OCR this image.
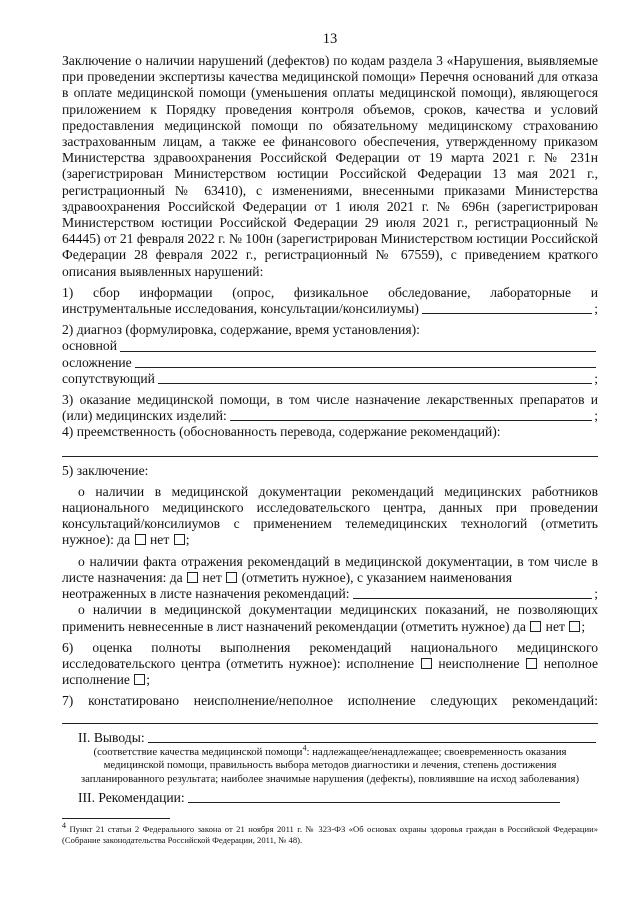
13

Заключение о наличии нарушений (дефектов) по кодам раздела 3 «Нарушения, выявляемые при проведении экспертизы качества медицинской помощи» Перечня оснований для отказа в оплате медицинской помощи (уменьшения оплаты медицинской помощи), являющегося приложением к Порядку проведения контроля объемов, сроков, качества и условий предоставления медицинской помощи по обязательному медицинскому страхованию застрахованным лицам, а также ее финансового обеспечения, утвержденному приказом Министерства здравоохранения Российской Федерации от 19 марта 2021 г. № 231н (зарегистрирован Министерством юстиции Российской Федерации 13 мая 2021 г., регистрационный № 63410), с изменениями, внесенными приказами Министерства здравоохранения Российской Федерации от 1 июля 2021 г. № 696н (зарегистрирован Министерством юстиции Российской Федерации 29 июля 2021 г., регистрационный № 64445) от 21 февраля 2022 г. № 100н (зарегистрирован Министерством юстиции Российской Федерации 28 февраля 2022 г., регистрационный № 67559), с приведением краткого описания выявленных нарушений:

1) сбор информации (опрос, физикальное обследование, лабораторные и

инструментальные исследования, консультации/консилиумы)	;
2) диагноз (формулировка, содержание, время установления):
основной
осложнение
сопутствующий	;

3) оказание медицинской помощи, в том числе назначение лекарственных препаратов и

(или) медицинских изделий:	;
4) преемственность (обоснованность перевода, содержание рекомендаций):
5) заключение:

о наличии в медицинской документации рекомендаций медицинских работников национального медицинского исследовательского центра, данных при проведении консультаций/консилиумов с применением телемедицинских технологий (отметить нужное): да нет ;

о наличии факта отражения рекомендаций в медицинской документации, в том числе в листе назначения: да нет (отметить нужное), с указанием наименования

неотраженных в листе назначения рекомендаций:	;

о наличии в медицинской документации медицинских показаний, не позволяющих применить невнесенные в лист назначений рекомендации (отметить нужное) да нет ;

6) оценка полноты выполнения рекомендаций национального медицинского исследовательского центра (отметить нужное): исполнение неисполнение неполное исполнение ;

7) констатировано неисполнение/неполное исполнение следующих рекомендаций:

II. Выводы:

(соответствие качества медицинской помощи$^4$: надлежащее/ненадлежащее; своевременность оказания медицинской помощи, правильность выбора методов диагностики и лечения, степень достижения запланированного результата; наиболее значимые нарушения (дефекты), повлиявшие на исход заболевания)

III. Рекомендации:

$^4$ Пункт 21 статьи 2 Федерального закона от 21 ноября 2011 г. № 323-ФЗ «Об основах охраны здоровья граждан в Российской Федерации» (Собрание законодательства Российской Федерации, 2011, № 48).
